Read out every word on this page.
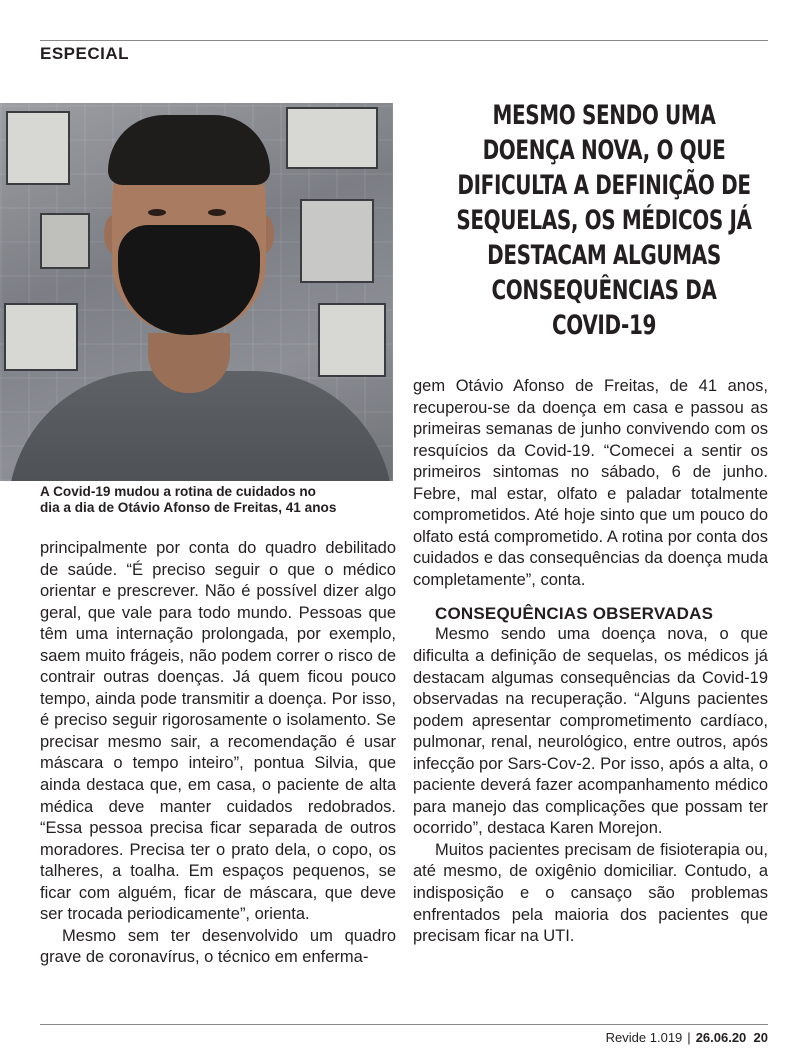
ESPECIAL
A Covid-19 mudou a rotina de cuidados no
dia a dia de Otávio Afonso de Freitas, 41 anos
MESMO SENDO UMA DOENÇA NOVA, O QUE DIFICULTA A DEFINIÇÃO DE SEQUELAS, OS MÉDICOS JÁ DESTACAM ALGUMAS CONSEQUÊNCIAS DA COVID-19

principalmente por conta do quadro debilitado de saúde. “É preciso seguir o que o médico orientar e prescrever. Não é possível dizer algo geral, que vale para todo mundo. Pessoas que têm uma internação prolongada, por exemplo, saem muito frágeis, não podem correr o risco de contrair outras doenças. Já quem ficou pouco tempo, ainda pode transmitir a doença. Por isso, é preciso seguir rigorosamente o isolamento. Se precisar mesmo sair, a recomendação é usar máscara o tempo inteiro”, pontua Silvia, que ainda destaca que, em casa, o paciente de alta médica deve manter cuidados redobrados. “Essa pessoa precisa ficar separada de outros moradores. Precisa ter o prato dela, o copo, os talheres, a toalha. Em espaços pequenos, se ficar com alguém, ficar de máscara, que deve ser trocada periodicamente”, orienta.

Mesmo sem ter desenvolvido um quadro grave de coronavírus, o técnico em enferma-

gem Otávio Afonso de Freitas, de 41 anos, recuperou-se da doença em casa e passou as primeiras semanas de junho convivendo com os resquícios da Covid-19. “Comecei a sentir os primeiros sintomas no sábado, 6 de junho. Febre, mal estar, olfato e paladar totalmente comprometidos. Até hoje sinto que um pouco do olfato está comprometido. A rotina por conta dos cuidados e das consequências da doença muda completamente”, conta.

CONSEQUÊNCIAS OBSERVADAS

Mesmo sendo uma doença nova, o que dificulta a definição de sequelas, os médicos já destacam algumas consequências da Covid-19 observadas na recuperação. “Alguns pacientes podem apresentar comprometimento cardíaco, pulmonar, renal, neurológico, entre outros, após infecção por Sars-Cov-2. Por isso, após a alta, o paciente deverá fazer acompanhamento médico para manejo das complicações que possam ter ocorrido”, destaca Karen Morejon.

Muitos pacientes precisam de fisioterapia ou, até mesmo, de oxigênio domiciliar. Contudo, a indisposição e o cansaço são problemas enfrentados pela maioria dos pacientes que precisam ficar na UTI.

Revide 1.019 | 26.06.20 20
